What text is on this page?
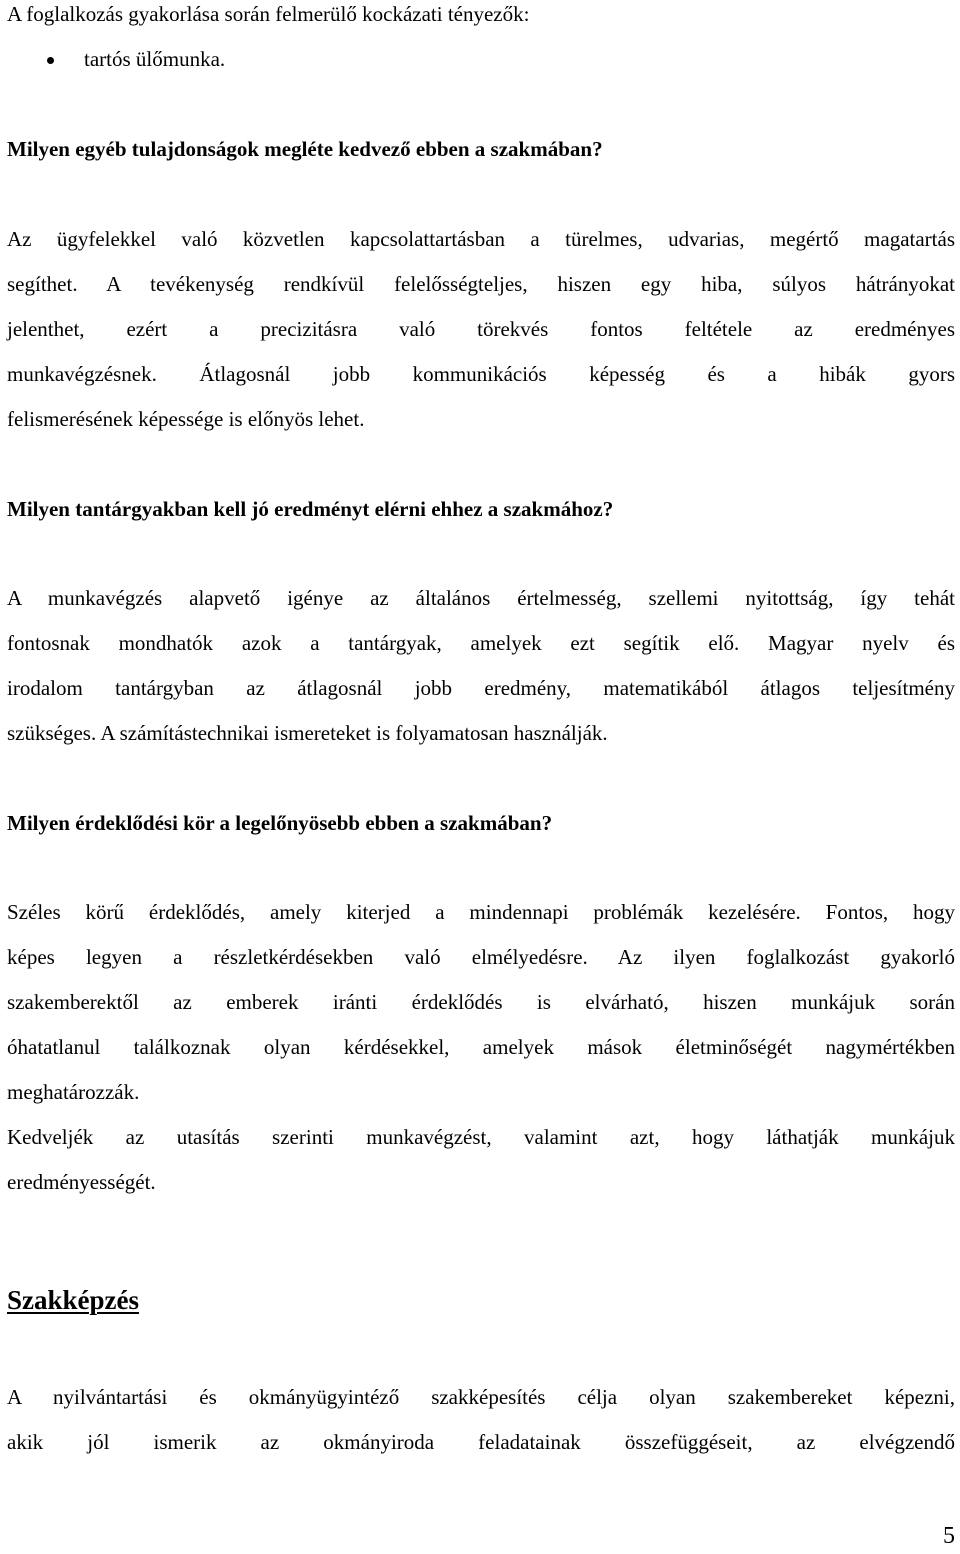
A foglalkozás gyakorlása során felmerülő kockázati tényezők:
tartós ülőmunka.
Milyen egyéb tulajdonságok megléte kedvező ebben a szakmában?
Az ügyfelekkel való közvetlen kapcsolattartásban a türelmes, udvarias, megértő magatartás
segíthet. A tevékenység rendkívül felelősségteljes, hiszen egy hiba, súlyos hátrányokat
jelenthet, ezért a precizitásra való törekvés fontos feltétele az eredményes
munkavégzésnek. Átlagosnál jobb kommunikációs képesség és a hibák gyors
felismerésének képessége is előnyös lehet.
Milyen tantárgyakban kell jó eredményt elérni ehhez a szakmához?
A munkavégzés alapvető igénye az általános értelmesség, szellemi nyitottság, így tehát
fontosnak mondhatók azok a tantárgyak, amelyek ezt segítik elő. Magyar nyelv és
irodalom tantárgyban az átlagosnál jobb eredmény, matematikából átlagos teljesítmény
szükséges. A számítástechnikai ismereteket is folyamatosan használják.
Milyen érdeklődési kör a legelőnyösebb ebben a szakmában?
Széles körű érdeklődés, amely kiterjed a mindennapi problémák kezelésére. Fontos, hogy
képes legyen a részletkérdésekben való elmélyedésre. Az ilyen foglalkozást gyakorló
szakemberektől az emberek iránti érdeklődés is elvárható, hiszen munkájuk során
óhatatlanul találkoznak olyan kérdésekkel, amelyek mások életminőségét nagymértékben
meghatározzák.
Kedveljék az utasítás szerinti munkavégzést, valamint azt, hogy láthatják munkájuk
eredményességét.
Szakképzés
A nyilvántartási és okmányügyintéző szakképesítés célja olyan szakembereket képezni,
akik jól ismerik az okmányiroda feladatainak összefüggéseit, az elvégzendő
5
